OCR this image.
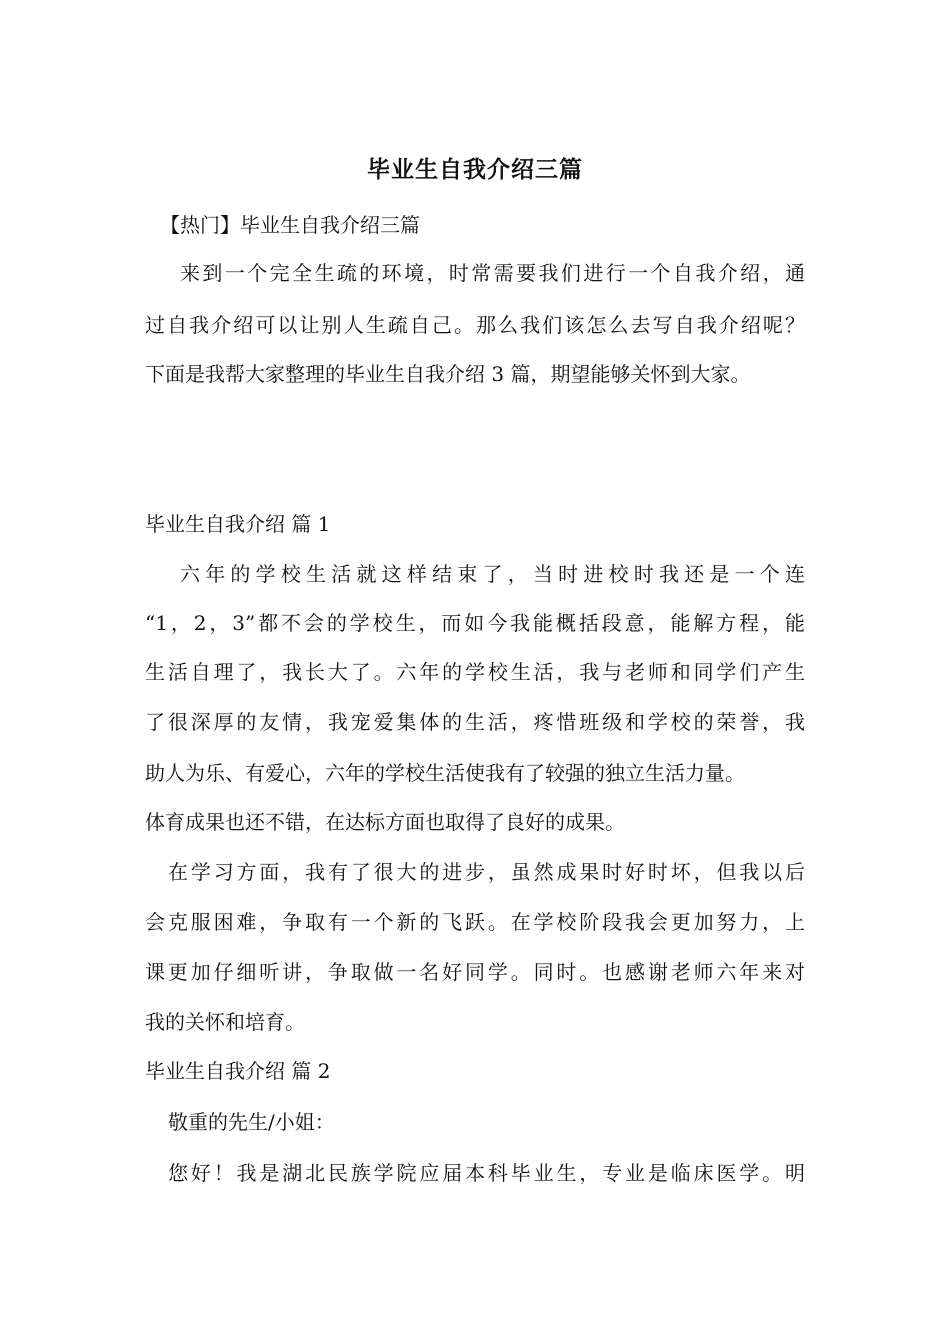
毕业生自我介绍三篇
【热门】毕业生自我介绍三篇
来到一个完全生疏的环境，时常需要我们进行一个自我介绍，通
过自我介绍可以让别人生疏自己。那么我们该怎么去写自我介绍呢？
下面是我帮大家整理的毕业生自我介绍 3 篇，期望能够关怀到大家。
毕业生自我介绍 篇 1
六年的学校生活就这样结束了，当时进校时我还是一个连
“1，2，3”都不会的学校生，而如今我能概括段意，能解方程，能
生活自理了，我长大了。六年的学校生活，我与老师和同学们产生
了很深厚的友情，我宠爱集体的生活，疼惜班级和学校的荣誉，我
助人为乐、有爱心，六年的学校生活使我有了较强的独立生活力量。
体育成果也还不错，在达标方面也取得了良好的成果。
在学习方面，我有了很大的进步，虽然成果时好时坏，但我以后
会克服困难，争取有一个新的飞跃。在学校阶段我会更加努力，上
课更加仔细听讲，争取做一名好同学。同时。也感谢老师六年来对
我的关怀和培育。
毕业生自我介绍 篇 2
敬重的先生/小姐：
您好！我是湖北民族学院应届本科毕业生，专业是临床医学。明
